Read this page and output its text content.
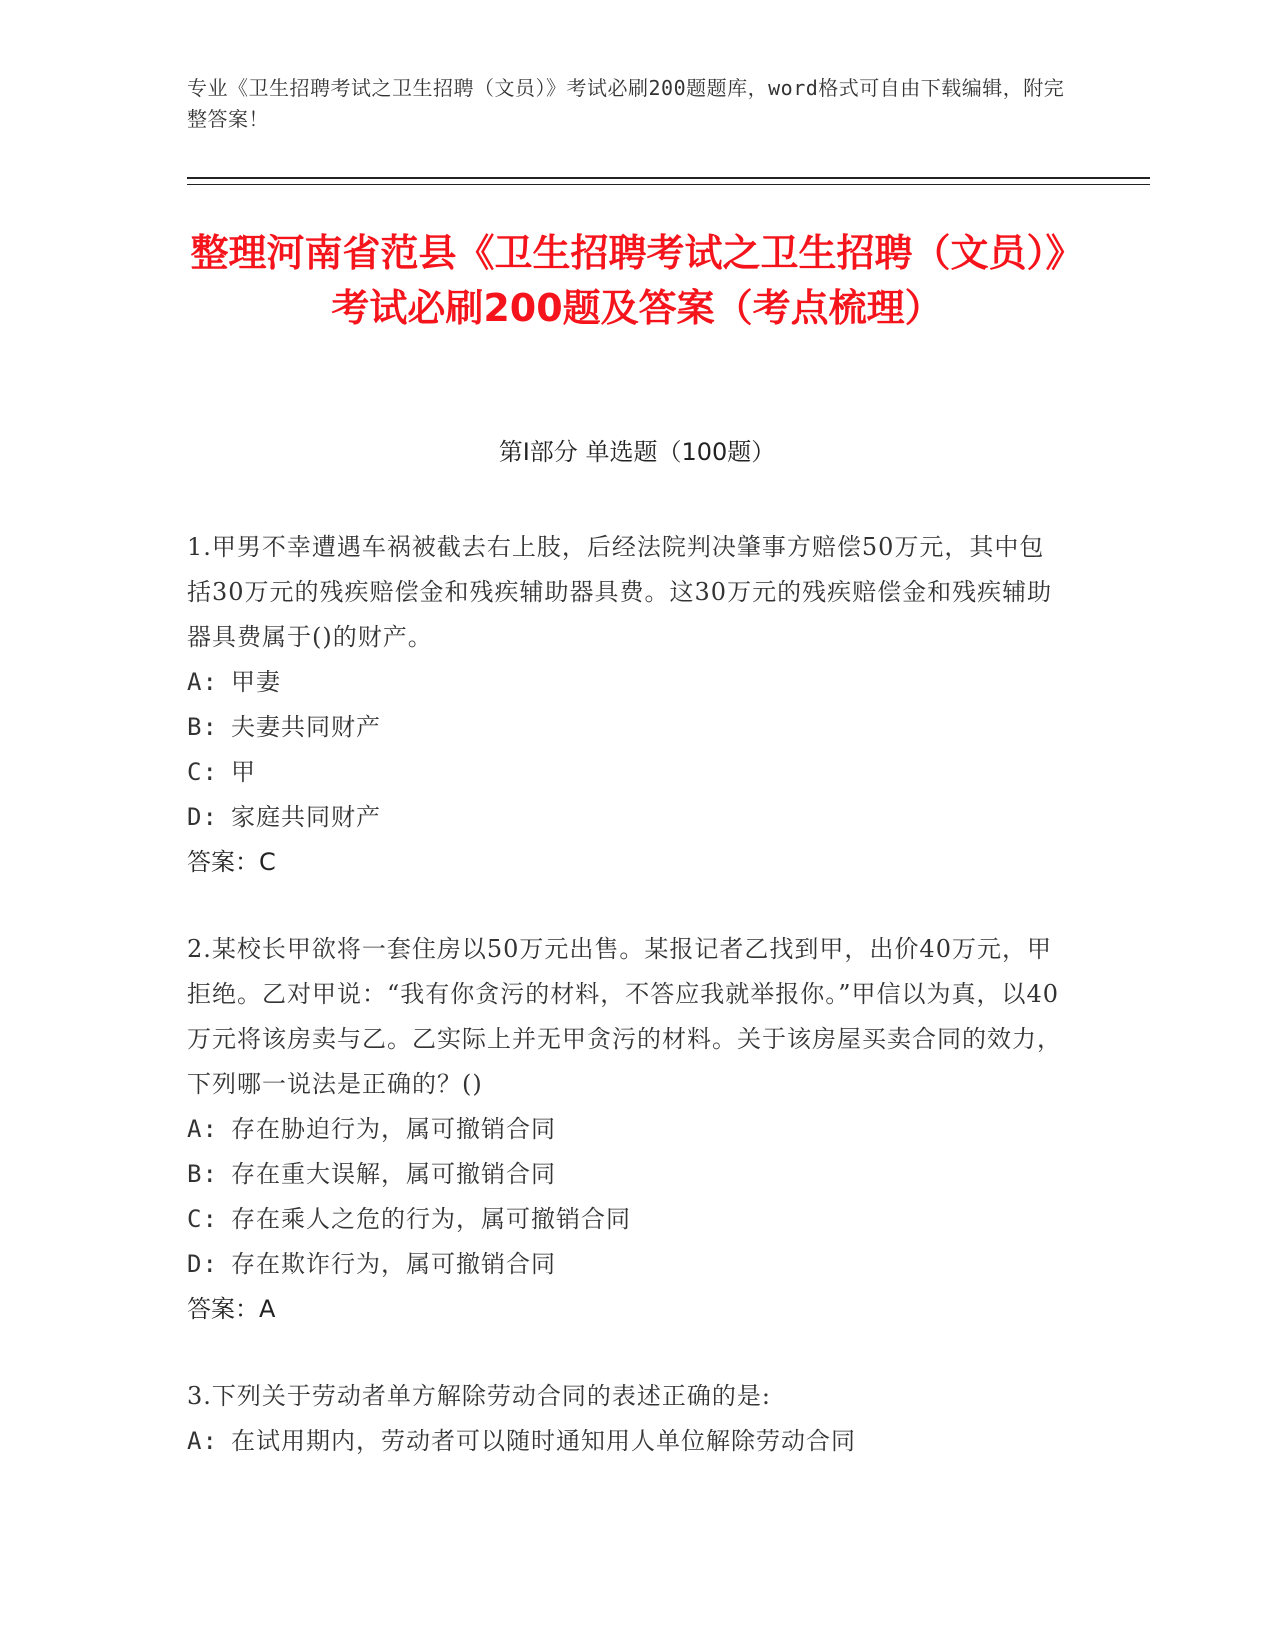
专业《卫生招聘考试之卫生招聘（文员）》考试必刷200题题库，word格式可自由下载编辑，附完整答案！
整理河南省范县《卫生招聘考试之卫生招聘（文员）》考试必刷200题及答案（考点梳理）
第I部分 单选题（100题）
1.甲男不幸遭遇车祸被截去右上肢，后经法院判决肇事方赔偿50万元，其中包括30万元的残疾赔偿金和残疾辅助器具费。这30万元的残疾赔偿金和残疾辅助器具费属于()的财产。
A: 甲妻
B: 夫妻共同财产
C: 甲
D: 家庭共同财产
答案：C
2.某校长甲欲将一套住房以50万元出售。某报记者乙找到甲，出价40万元，甲拒绝。乙对甲说：“我有你贪污的材料，不答应我就举报你。”甲信以为真，以40万元将该房卖与乙。乙实际上并无甲贪污的材料。关于该房屋买卖合同的效力，下列哪一说法是正确的？()
A: 存在胁迫行为，属可撤销合同
B: 存在重大误解，属可撤销合同
C: 存在乘人之危的行为，属可撤销合同
D: 存在欺诈行为，属可撤销合同
答案：A
3.下列关于劳动者单方解除劳动合同的表述正确的是:
A: 在试用期内，劳动者可以随时通知用人单位解除劳动合同
